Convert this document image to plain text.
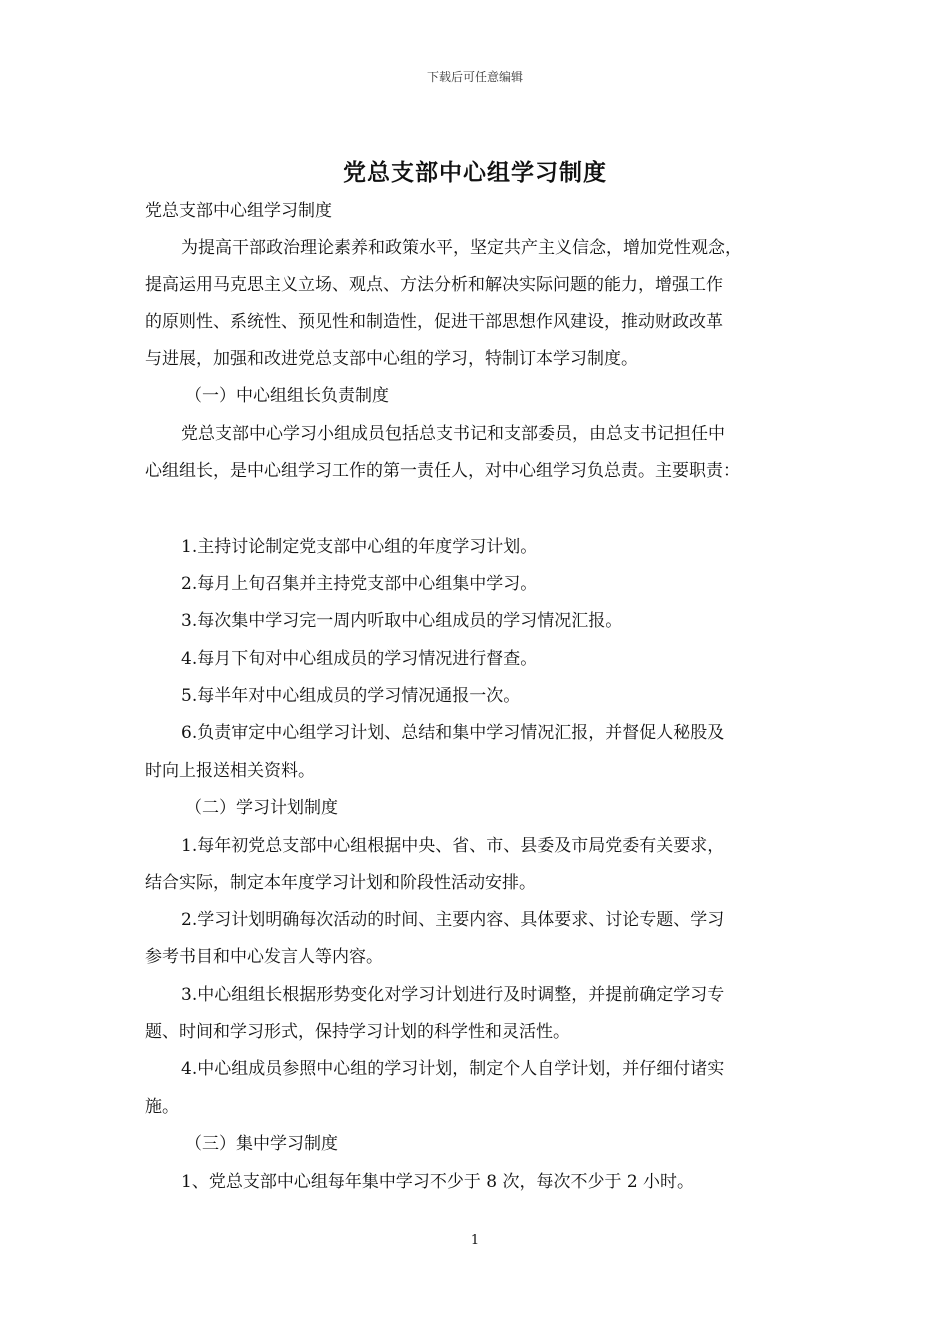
下载后可任意编辑
党总支部中心组学习制度
党总支部中心组学习制度
为提高干部政治理论素养和政策水平，坚定共产主义信念，增加党性观念，
提高运用马克思主义立场、观点、方法分析和解决实际问题的能力，增强工作
的原则性、系统性、预见性和制造性，促进干部思想作风建设，推动财政改革
与进展，加强和改进党总支部中心组的学习，特制订本学习制度。
（一）中心组组长负责制度
党总支部中心学习小组成员包括总支书记和支部委员，由总支书记担任中
心组组长，是中心组学习工作的第一责任人，对中心组学习负总责。主要职责：
1.主持讨论制定党支部中心组的年度学习计划。
2.每月上旬召集并主持党支部中心组集中学习。
3.每次集中学习完一周内听取中心组成员的学习情况汇报。
4.每月下旬对中心组成员的学习情况进行督查。
5.每半年对中心组成员的学习情况通报一次。
6.负责审定中心组学习计划、总结和集中学习情况汇报，并督促人秘股及
时向上报送相关资料。
（二）学习计划制度
1.每年初党总支部中心组根据中央、省、市、县委及市局党委有关要求，
结合实际，制定本年度学习计划和阶段性活动安排。
2.学习计划明确每次活动的时间、主要内容、具体要求、讨论专题、学习
参考书目和中心发言人等内容。
3.中心组组长根据形势变化对学习计划进行及时调整，并提前确定学习专
题、时间和学习形式，保持学习计划的科学性和灵活性。
4.中心组成员参照中心组的学习计划，制定个人自学计划，并仔细付诸实
施。
（三）集中学习制度
1、党总支部中心组每年集中学习不少于 8 次，每次不少于 2 小时。
1
